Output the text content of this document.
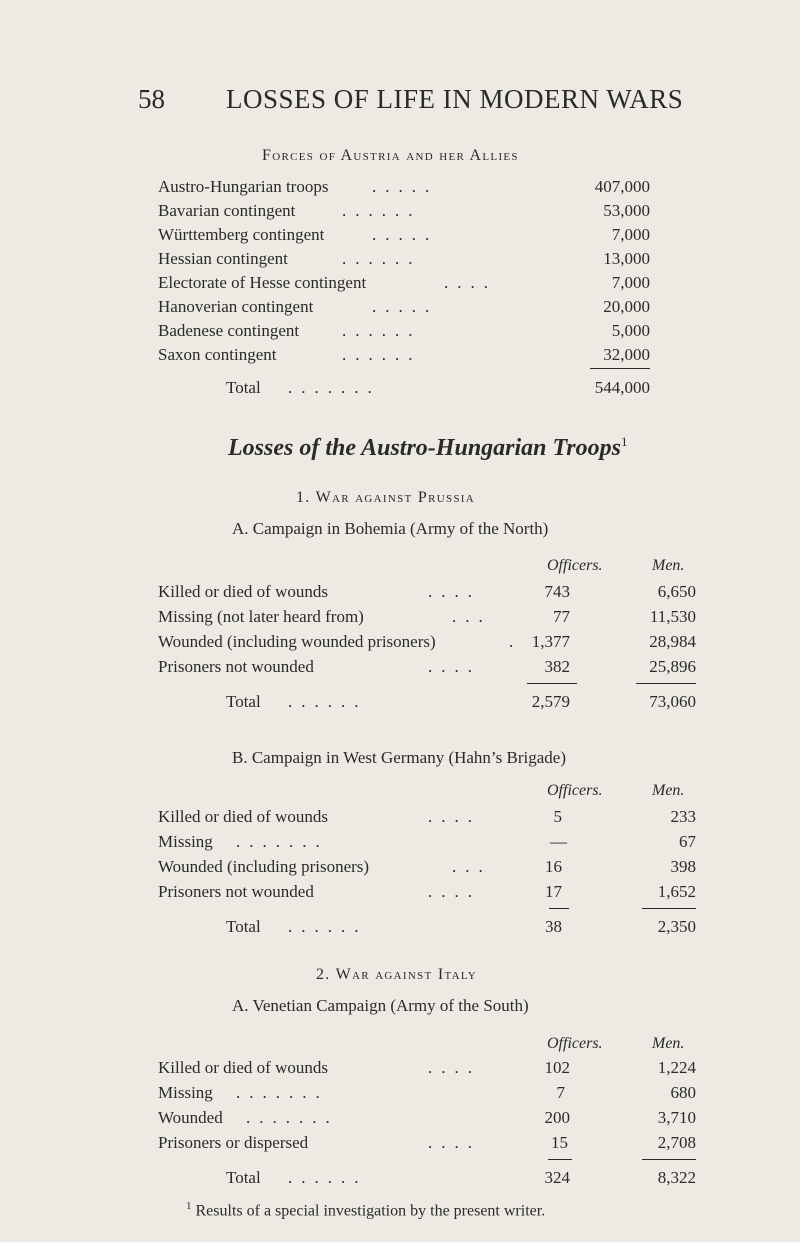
58 LOSSES OF LIFE IN MODERN WARS
Forces of Austria and her Allies
Austro-Hungarian troops	.....	407,000
Bavarian contingent	......	53,000
Württemberg contingent	.....	7,000
Hessian contingent	......	13,000
Electorate of Hesse contingent	....	7,000
Hanoverian contingent	.....	20,000
Badenese contingent	......	5,000
Saxon contingent	......	32,000
Total .......	544,000
Losses of the Austro-Hungarian Troops$^1$
1. War against Prussia
A. Campaign in Bohemia (Army of the North)
Officers.	Men.
Killed or died of wounds	....	743	6,650
Missing (not later heard from)	...	77	11,530
Wounded (including wounded prisoners)	. 1,377	28,984
Prisoners not wounded	....	382	25,896
Total ......	2,579	73,060
B. Campaign in West Germany (Hahn’s Brigade)
Officers.	Men.
Killed or died of wounds	....	5	233
Missing .......	—	67
Wounded (including prisoners)	...	16	398
Prisoners not wounded	....	17	1,652
Total ......	38	2,350
2. War against Italy
A. Venetian Campaign (Army of the South)
Officers.	Men.
Killed or died of wounds	....	102	1,224
Missing .......	7	680
Wounded .......	200	3,710
Prisoners or dispersed	....	15	2,708
Total ......	324	8,322
$^1$ Results of a special investigation by the present writer.
